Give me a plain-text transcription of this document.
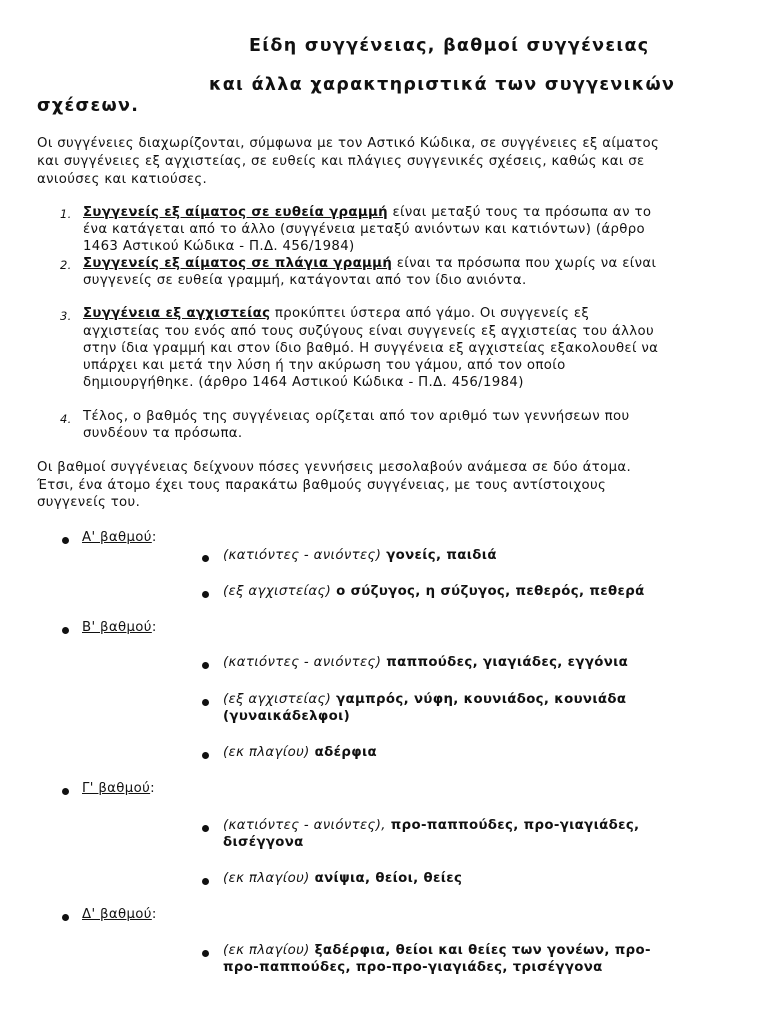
Είδη συγγένειας, βαθμοί συγγένειας
και άλλα χαρακτηριστικά των συγγενικών
σχέσεων.
Οι συγγένειες διαχωρίζονται, σύμφωνα με τον Αστικό Κώδικα, σε συγγένειες εξ αίματος
και συγγένειες εξ αγχιστείας, σε ευθείς και πλάγιες συγγενικές σχέσεις, καθώς και σε
ανιούσες και κατιούσες.
1. Συγγενείς εξ αίματος σε ευθεία γραμμή είναι μεταξύ τους τα πρόσωπα αν το
ένα κατάγεται από το άλλο (συγγένεια μεταξύ ανιόντων και κατιόντων) (άρθρο
1463 Αστικού Κώδικα - Π.Δ. 456/1984)
2. Συγγενείς εξ αίματος σε πλάγια γραμμή είναι τα πρόσωπα που χωρίς να είναι
συγγενείς σε ευθεία γραμμή, κατάγονται από τον ίδιο ανιόντα.
3. Συγγένεια εξ αγχιστείας προκύπτει ύστερα από γάμο. Οι συγγενείς εξ
αγχιστείας του ενός από τους συζύγους είναι συγγενείς εξ αγχιστείας του άλλου
στην ίδια γραμμή και στον ίδιο βαθμό. Η συγγένεια εξ αγχιστείας εξακολουθεί να
υπάρχει και μετά την λύση ή την ακύρωση του γάμου, από τον οποίο
δημιουργήθηκε. (άρθρο 1464 Αστικού Κώδικα - Π.Δ. 456/1984)
4. Τέλος, ο βαθμός της συγγένειας ορίζεται από τον αριθμό των γεννήσεων που
συνδέουν τα πρόσωπα.
Οι βαθμοί συγγένειας δείχνουν πόσες γεννήσεις μεσολαβούν ανάμεσα σε δύο άτομα.
Έτσι, ένα άτομο έχει τους παρακάτω βαθμούς συγγένειας, με τους αντίστοιχους
συγγενείς του.
Α' βαθμού:
(κατιόντες - ανιόντες) γονείς, παιδιά
(εξ αγχιστείας) ο σύζυγος, η σύζυγος, πεθερός, πεθερά
Β' βαθμού:
(κατιόντες - ανιόντες) παππούδες, γιαγιάδες, εγγόνια
(εξ αγχιστείας) γαμπρός, νύφη, κουνιάδος, κουνιάδα
(γυναικάδελφοι)
(εκ πλαγίου) αδέρφια
Γ' βαθμού:
(κατιόντες - ανιόντες), προ-παππούδες, προ-γιαγιάδες,
δισέγγονα
(εκ πλαγίου) ανίψια, θείοι, θείες
Δ' βαθμού:
(εκ πλαγίου) ξαδέρφια, θείοι και θείες των γονέων, προ-
προ-παππούδες, προ-προ-γιαγιάδες, τρισέγγονα
